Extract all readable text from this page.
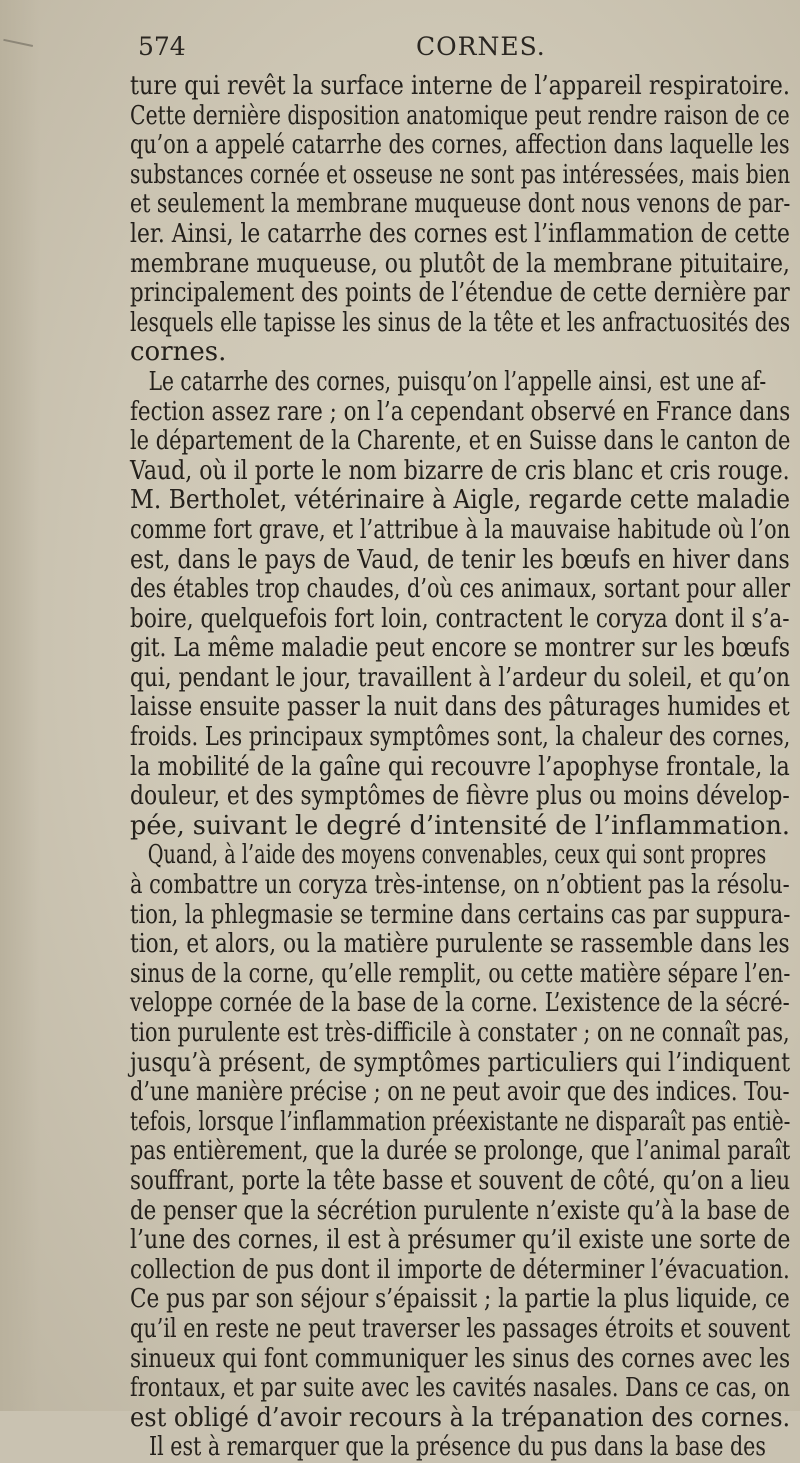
574	CORNES.
ture qui revêt la surface interne de l’appareil respiratoire.
Cette dernière disposition anatomique peut rendre raison de ce
qu’on a appelé catarrhe des cornes, affection dans laquelle les
substances cornée et osseuse ne sont pas intéressées, mais bien
et seulement la membrane muqueuse dont nous venons de par-
ler. Ainsi, le catarrhe des cornes est l’inflammation de cette
membrane muqueuse, ou plutôt de la membrane pituitaire,
principalement des points de l’étendue de cette dernière par
lesquels elle tapisse les sinus de la tête et les anfractuosités des
cornes.
Le catarrhe des cornes, puisqu’on l’appelle ainsi, est une af-
fection assez rare ; on l’a cependant observé en France dans
le département de la Charente, et en Suisse dans le canton de
Vaud, où il porte le nom bizarre de cris blanc et cris rouge.
M. Bertholet, vétérinaire à Aigle, regarde cette maladie
comme fort grave, et l’attribue à la mauvaise habitude où l’on
est, dans le pays de Vaud, de tenir les bœufs en hiver dans
des étables trop chaudes, d’où ces animaux, sortant pour aller
boire, quelquefois fort loin, contractent le coryza dont il s’a-
git. La même maladie peut encore se montrer sur les bœufs
qui, pendant le jour, travaillent à l’ardeur du soleil, et qu’on
laisse ensuite passer la nuit dans des pâturages humides et
froids. Les principaux symptômes sont, la chaleur des cornes,
la mobilité de la gaîne qui recouvre l’apophyse frontale, la
douleur, et des symptômes de fièvre plus ou moins dévelop-
pée, suivant le degré d’intensité de l’inflammation.
Quand, à l’aide des moyens convenables, ceux qui sont propres
à combattre un coryza très-intense, on n’obtient pas la résolu-
tion, la phlegmasie se termine dans certains cas par suppura-
tion, et alors, ou la matière purulente se rassemble dans les
sinus de la corne, qu’elle remplit, ou cette matière sépare l’en-
veloppe cornée de la base de la corne. L’existence de la sécré-
tion purulente est très-difficile à constater ; on ne connaît pas,
jusqu’à présent, de symptômes particuliers qui l’indiquent
d’une manière précise ; on ne peut avoir que des indices. Tou-
tefois, lorsque l’inflammation préexistante ne disparaît pas entiè-
pas entièrement, que la durée se prolonge, que l’animal paraît
souffrant, porte la tête basse et souvent de côté, qu’on a lieu
de penser que la sécrétion purulente n’existe qu’à la base de
l’une des cornes, il est à présumer qu’il existe une sorte de
collection de pus dont il importe de déterminer l’évacuation.
Ce pus par son séjour s’épaissit ; la partie la plus liquide, ce
qu’il en reste ne peut traverser les passages étroits et souvent
sinueux qui font communiquer les sinus des cornes avec les
frontaux, et par suite avec les cavités nasales. Dans ce cas, on
est obligé d’avoir recours à la trépanation des cornes.
Il est à remarquer que la présence du pus dans la base des
